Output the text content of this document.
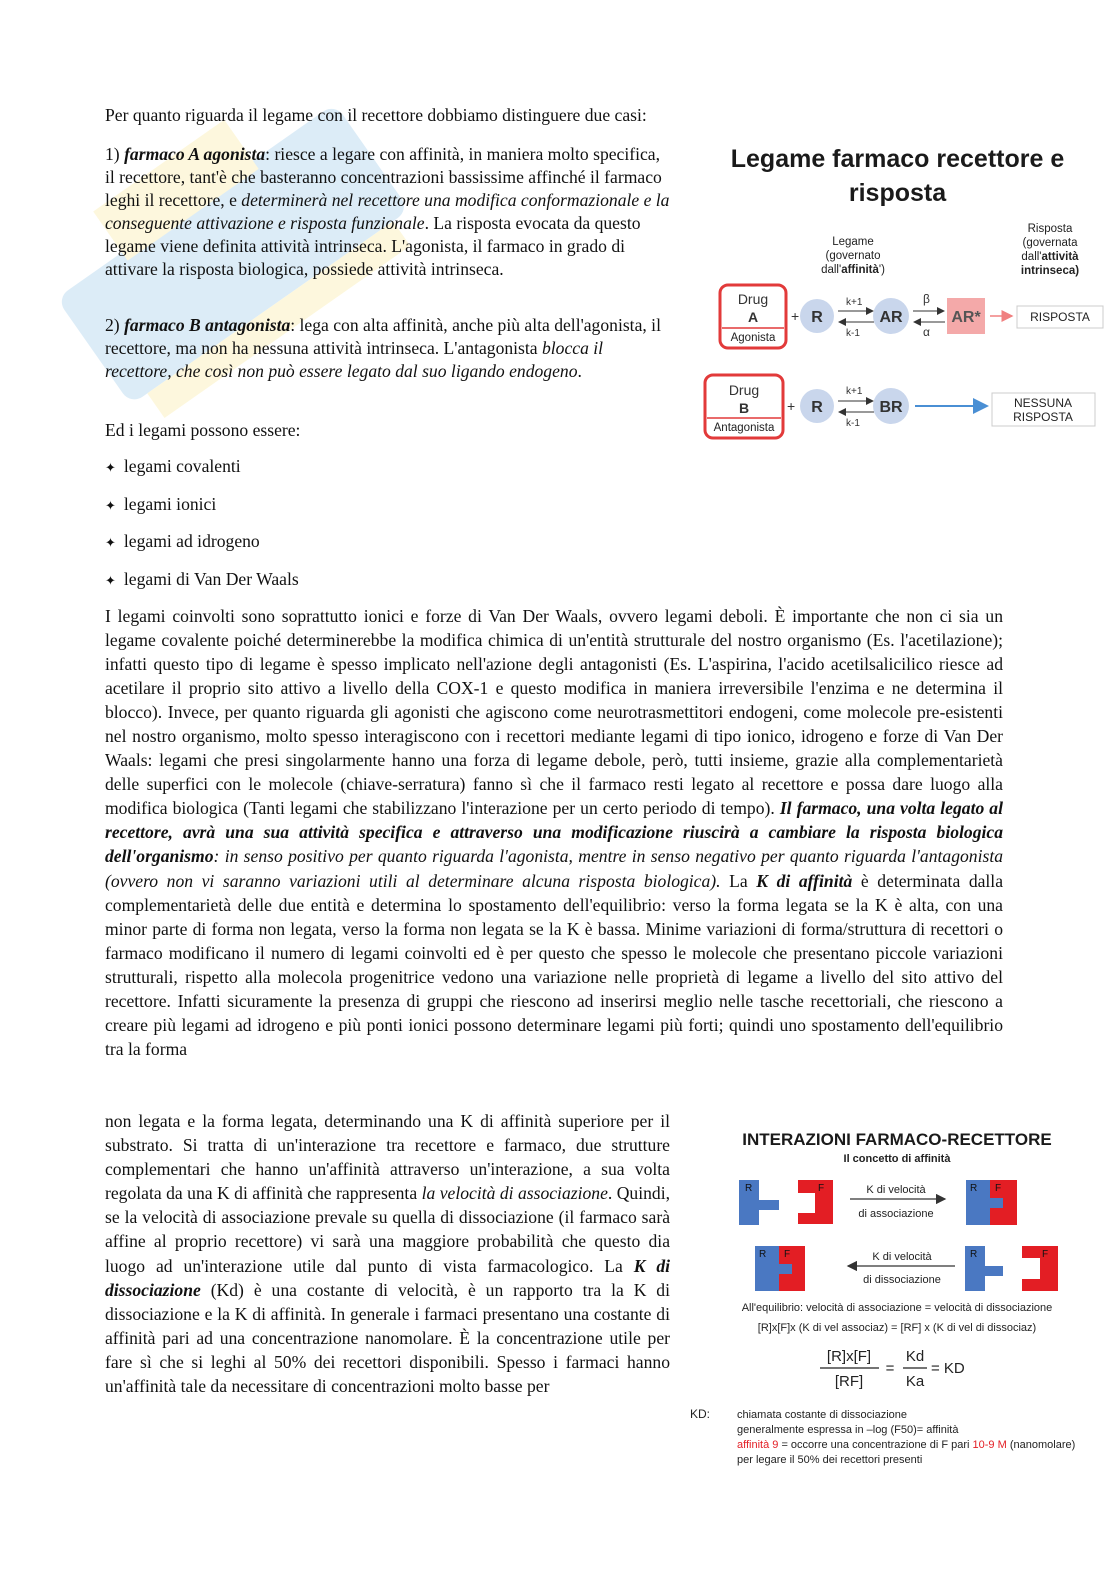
Per quanto riguarda il legame con il recettore dobbiamo distinguere due casi:

1) farmaco A agonista: riesce a legare con affinità, in maniera molto specifica, il recettore, tant'è che basteranno concentrazioni bassissime affinché il farmaco leghi il recettore, e determinerà nel recettore una modifica conformazionale e la conseguente attivazione e risposta funzionale. La risposta evocata da questo legame viene definita attività intrinseca. L'agonista, il farmaco in grado di attivare la risposta biologica, possiede attività intrinseca.

2) farmaco B antagonista: lega con alta affinità, anche più alta dell'agonista, il recettore, ma non ha nessuna attività intrinseca. L'antagonista blocca il recettore, che così non può essere legato dal suo ligando endogeno.

Ed i legami possono essere:

✦ legami covalenti
✦ legami ionici
✦ legami ad idrogeno
✦ legami di Van Der Waals

I legami coinvolti sono soprattutto ionici e forze di Van Der Waals, ovvero legami deboli. È importante che non ci sia un legame covalente poiché determinerebbe la modifica chimica di un'entità strutturale del nostro organismo (Es. l'acetilazione); infatti questo tipo di legame è spesso implicato nell'azione degli antagonisti (Es. L'aspirina, l'acido acetilsalicilico riesce ad acetilare il proprio sito attivo a livello della COX-1 e questo modifica in maniera irreversibile l'enzima e ne determina il blocco). Invece, per quanto riguarda gli agonisti che agiscono come neurotrasmettitori endogeni, come molecole pre-esistenti nel nostro organismo, molto spesso interagiscono con i recettori mediante legami di tipo ionico, idrogeno e forze di Van Der Waals: legami che presi singolarmente hanno una forza di legame debole, però, tutti insieme, grazie alla complementarietà delle superfici con le molecole (chiave-serratura) fanno sì che il farmaco resti legato al recettore e possa dare luogo alla modifica biologica (Tanti legami che stabilizzano l'interazione per un certo periodo di tempo). Il farmaco, una volta legato al recettore, avrà una sua attività specifica e attraverso una modificazione riuscirà a cambiare la risposta biologica dell'organismo: in senso positivo per quanto riguarda l'agonista, mentre in senso negativo per quanto riguarda l'antagonista (ovvero non vi saranno variazioni utili al determinare alcuna risposta biologica). La K di affinità è determinata dalla complementarietà delle due entità e determina lo spostamento dell'equilibrio: verso la forma legata se la K è alta, con una minor parte di forma non legata, verso la forma non legata se la K è bassa. Minime variazioni di forma/struttura di recettori o farmaco modificano il numero di legami coinvolti ed è per questo che spesso le molecole che presentano piccole variazioni strutturali, rispetto alla molecola progenitrice vedono una variazione nelle proprietà di legame a livello del sito attivo del recettore. Infatti sicuramente la presenza di gruppi che riescono ad inserirsi meglio nelle tasche recettoriali, che riescono a creare più legami ad idrogeno e più ponti ionici possono determinare legami più forti; quindi uno spostamento dell'equilibrio tra la forma

non legata e la forma legata, determinando una K di affinità superiore per il substrato. Si tratta di un'interazione tra recettore e farmaco, due strutture complementari che hanno un'affinità attraverso un'interazione, a sua volta regolata da una K di affinità che rappresenta la velocità di associazione. Quindi, se la velocità di associazione prevale su quella di dissociazione (il farmaco sarà affine al proprio recettore) vi sarà una maggiore probabilità che questo dia luogo ad un'interazione utile dal punto di vista farmacologico. La K di dissociazione (Kd) è una costante di velocità, è un rapporto tra la K di dissociazione e la K di affinità. In generale i farmaci presentano una costante di affinità pari ad una concentrazione nanomolare. È la concentrazione utile per fare sì che si leghi al 50% dei recettori disponibili. Spesso i farmaci hanno un'affinità tale da necessitare di concentrazioni molto basse per

Legame farmaco recettore e
risposta
Legame
(governato
dall'affinità')
Risposta
(governata
dall'attività
intrinseca)
Drug
A
Agonista
+ R
k+1
k-1
AR
β
α
AR*	RISPOSTA
Drug
B
Antagonista
+ R
k+1
k-1
BR	NESSUNA
RISPOSTA
INTERAZIONI FARMACO-RECETTORE
Il concetto di affinità
R	F	K di velocità
di associazione
R F
R F	K di velocità
di dissociazione
R	F
All'equilibrio: velocità di associazione = velocità di dissociazione
[R]x[F]x (K di vel associaz) = [RF] x (K di vel di dissociaz)
[R]x[F]
[RF]
=
Kd
Ka
= KD
KD: chiamata costante di dissociazione
generalmente espressa in –log (F50)= affinità
affinità 9 = occorre una concentrazione di F pari 10-9 M (nanomolare)
per legare il 50% dei recettori presenti
